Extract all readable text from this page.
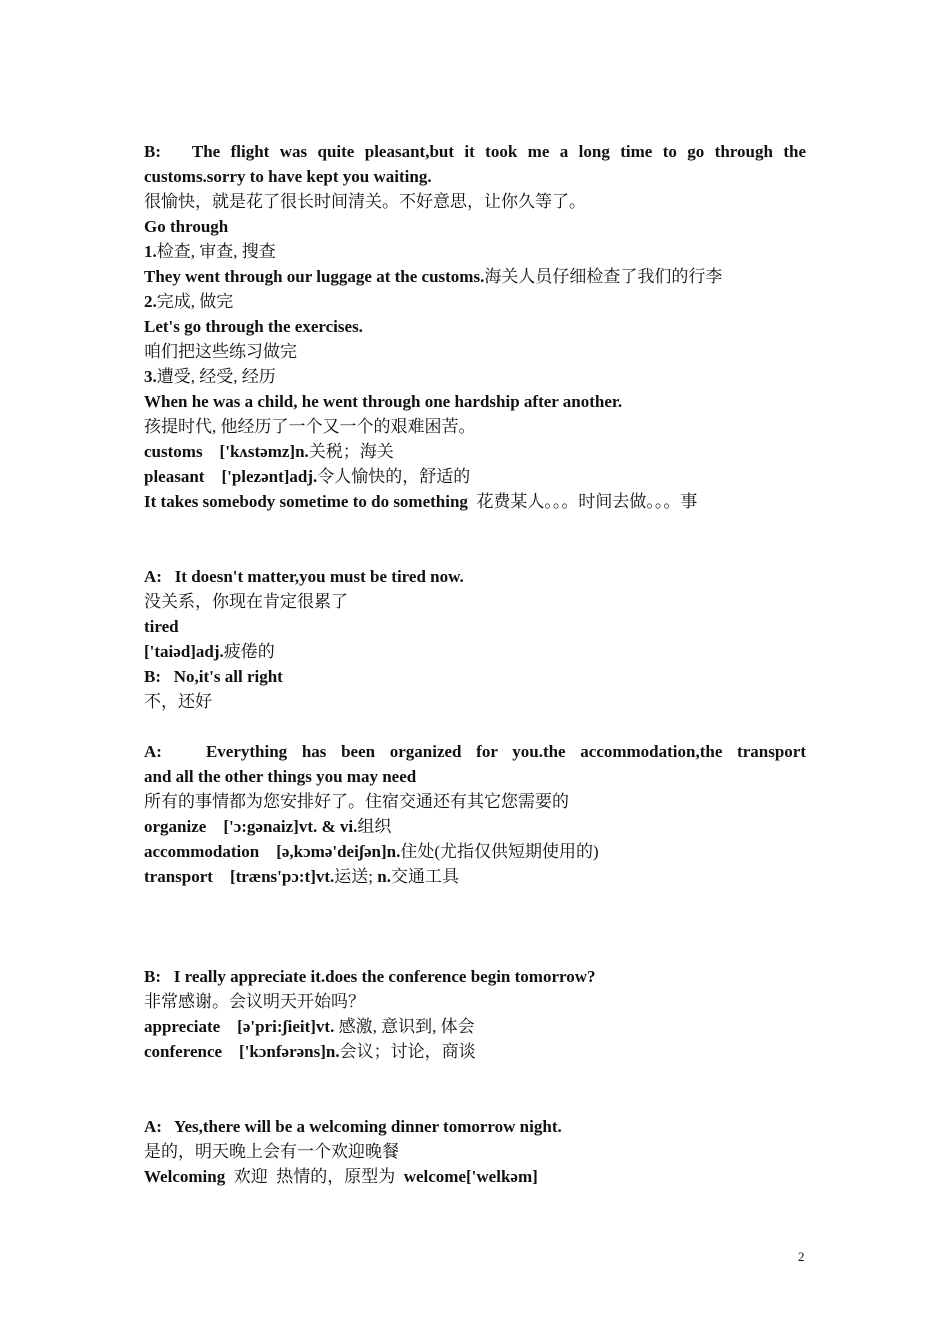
B:   The flight was quite pleasant,but it took me a long time to go through the
customs.sorry to have kept you waiting.
很愉快，就是花了很长时间清关。不好意思，让你久等了。
Go through
1.检查, 审查, 搜查
They went through our luggage at the customs.海关人员仔细检查了我们的行李
2.完成, 做完
Let's go through the exercises.
咱们把这些练习做完
3.遭受, 经受, 经历
When he was a child, he went through one hardship after another.
孩提时代, 他经历了一个又一个的艰难困苦。
customs    ['kʌstəmz]n.关税；海关
pleasant    ['plezənt]adj.令人愉快的，舒适的
It takes somebody sometime to do something  花费某人。。。时间去做。。。事
A:   It doesn't matter,you must be tired now.
没关系，你现在肯定很累了
tired
['taiəd]adj.疲倦的
B:   No,it's all right
不，还好
A:   Everything has been organized for you.the accommodation,the transport
and all the other things you may need
所有的事情都为您安排好了。住宿交通还有其它您需要的
organize    ['ɔ:gənaiz]vt. & vi.组织
accommodation    [ə,kɔmə'deiʃən]n.住处(尤指仅供短期使用的)
transport    [træns'pɔ:t]vt.运送; n.交通工具
B:   I really appreciate it.does the conference begin tomorrow?
非常感谢。会议明天开始吗？
appreciate    [ə'pri:ʃieit]vt. 感激, 意识到, 体会
conference    ['kɔnfərəns]n.会议；讨论，商谈
A:   Yes,there will be a welcoming dinner tomorrow night.
是的，明天晚上会有一个欢迎晚餐
Welcoming  欢迎  热情的，原型为  welcome['welkəm]
2
